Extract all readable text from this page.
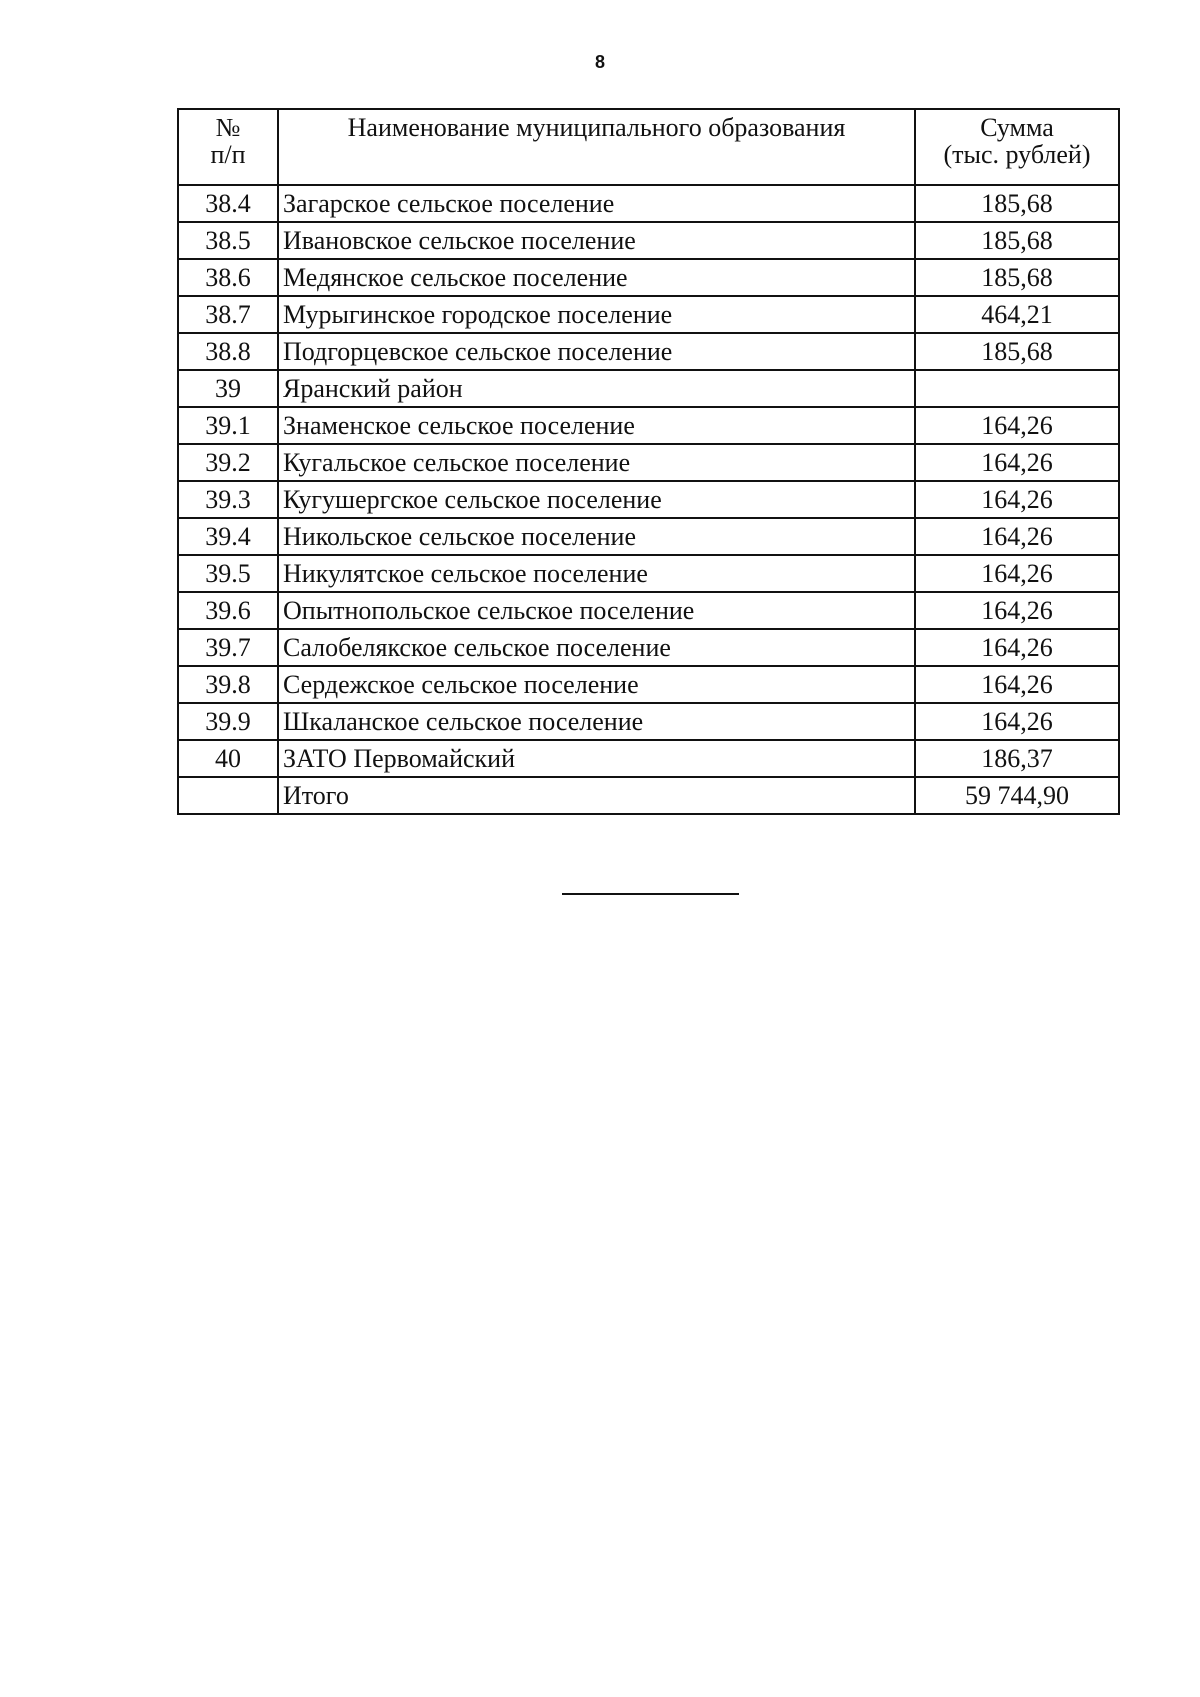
8
№
п/п	Наименование муниципального образования	Сумма
(тыс. рублей)

38.4	Загарское сельское поселение	185,68
38.5	Ивановское сельское поселение	185,68
38.6	Медянское сельское поселение	185,68
38.7	Мурыгинское городское поселение	464,21
38.8	Подгорцевское сельское поселение	185,68
39	Яранский район	
39.1	Знаменское сельское поселение	164,26
39.2	Кугальское сельское поселение	164,26
39.3	Кугушергское сельское поселение	164,26
39.4	Никольское сельское поселение	164,26
39.5	Никулятское сельское поселение	164,26
39.6	Опытнопольское сельское поселение	164,26
39.7	Салобелякское сельское поселение	164,26
39.8	Сердежское сельское поселение	164,26
39.9	Шкаланское сельское поселение	164,26
40	ЗАТО Первомайский	186,37
	Итого	59 744,90
